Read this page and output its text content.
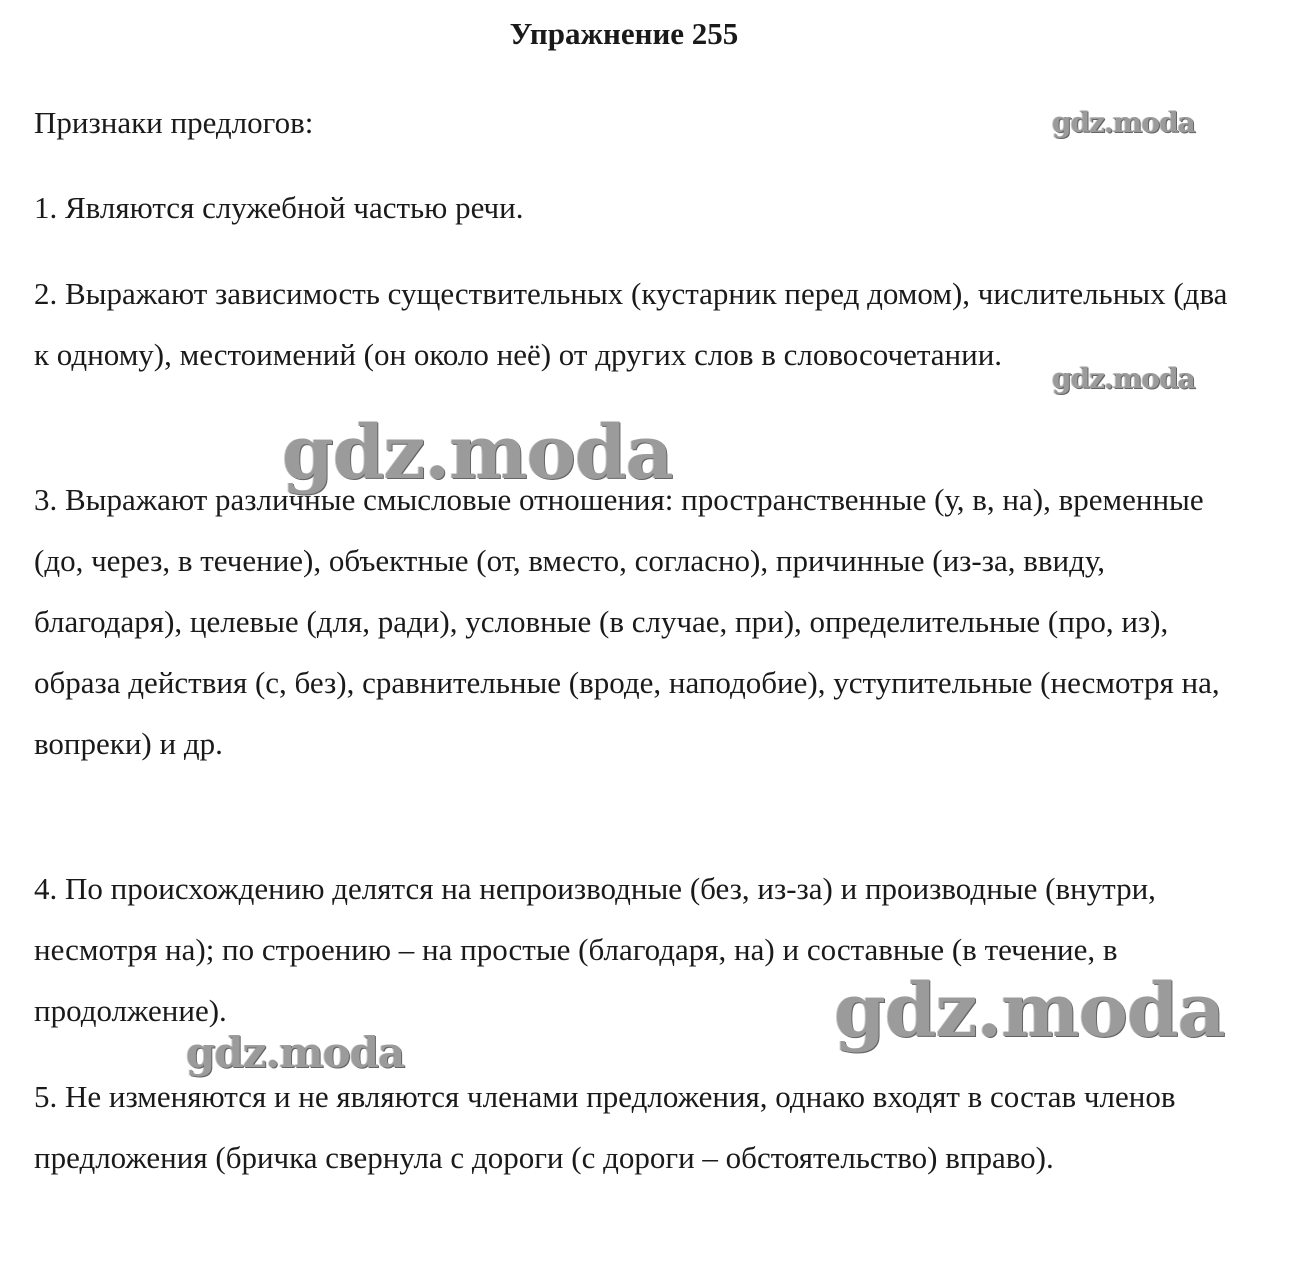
Упражнение 255

Признаки предлогов:

1. Являются служебной частью речи.

2. Выражают зависимость существительных (кустарник перед домом), числительных (два к одному), местоимений (он около неё) от других слов в словосочетании.

3. Выражают различные смысловые отношения: пространственные (у, в, на), временные (до, через, в течение), объектные (от, вместо, согласно), причинные (из-за, ввиду, благодаря), целевые (для, ради), условные (в случае, при), определительные (про, из), образа действия (с, без), сравнительные (вроде, наподобие), уступительные (несмотря на, вопреки) и др.

4. По происхождению делятся на непроизводные (без, из-за) и производные (внутри, несмотря на); по строению – на простые (благодаря, на) и составные (в течение, в продолжение).

5. Не изменяются и не являются членами предложения, однако входят в состав членов предложения (бричка свернула с дороги (с дороги – обстоятельство) вправо).

gdz.moda
gdz.moda
gdz.moda
gdz.moda
gdz.moda
